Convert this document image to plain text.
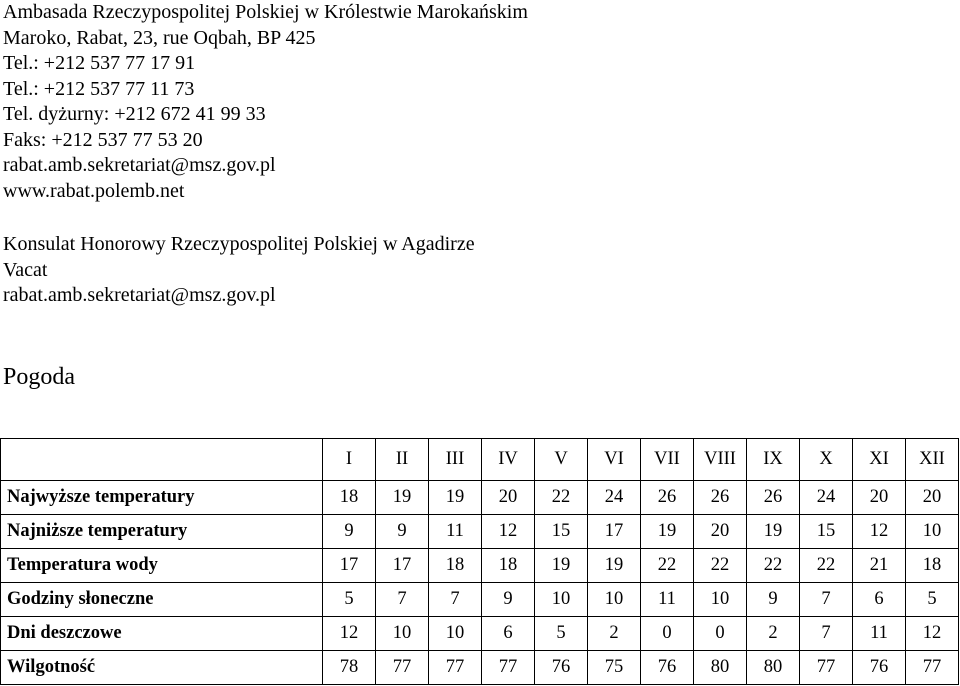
Ambasada Rzeczypospolitej Polskiej w Królestwie Marokańskim
Maroko, Rabat, 23, rue Oqbah, BP 425
Tel.: +212 537 77 17 91
Tel.: +212 537 77 11 73
Tel. dyżurny: +212 672 41 99 33
Faks: +212 537 77 53 20
rabat.amb.sekretariat@msz.gov.pl
www.rabat.polemb.net
Konsulat Honorowy Rzeczypospolitej Polskiej w Agadirze
Vacat
rabat.amb.sekretariat@msz.gov.pl
Pogoda
	I	II	III	IV	V	VI	VII	VIII	IX	X	XI	XII
Najwyższe temperatury	18	19	19	20	22	24	26	26	26	24	20	20
Najniższe temperatury	9	9	11	12	15	17	19	20	19	15	12	10
Temperatura wody	17	17	18	18	19	19	22	22	22	22	21	18
Godziny słoneczne	5	7	7	9	10	10	11	10	9	7	6	5
Dni deszczowe	12	10	10	6	5	2	0	0	2	7	11	12
Wilgotność	78	77	77	77	76	75	76	80	80	77	76	77
